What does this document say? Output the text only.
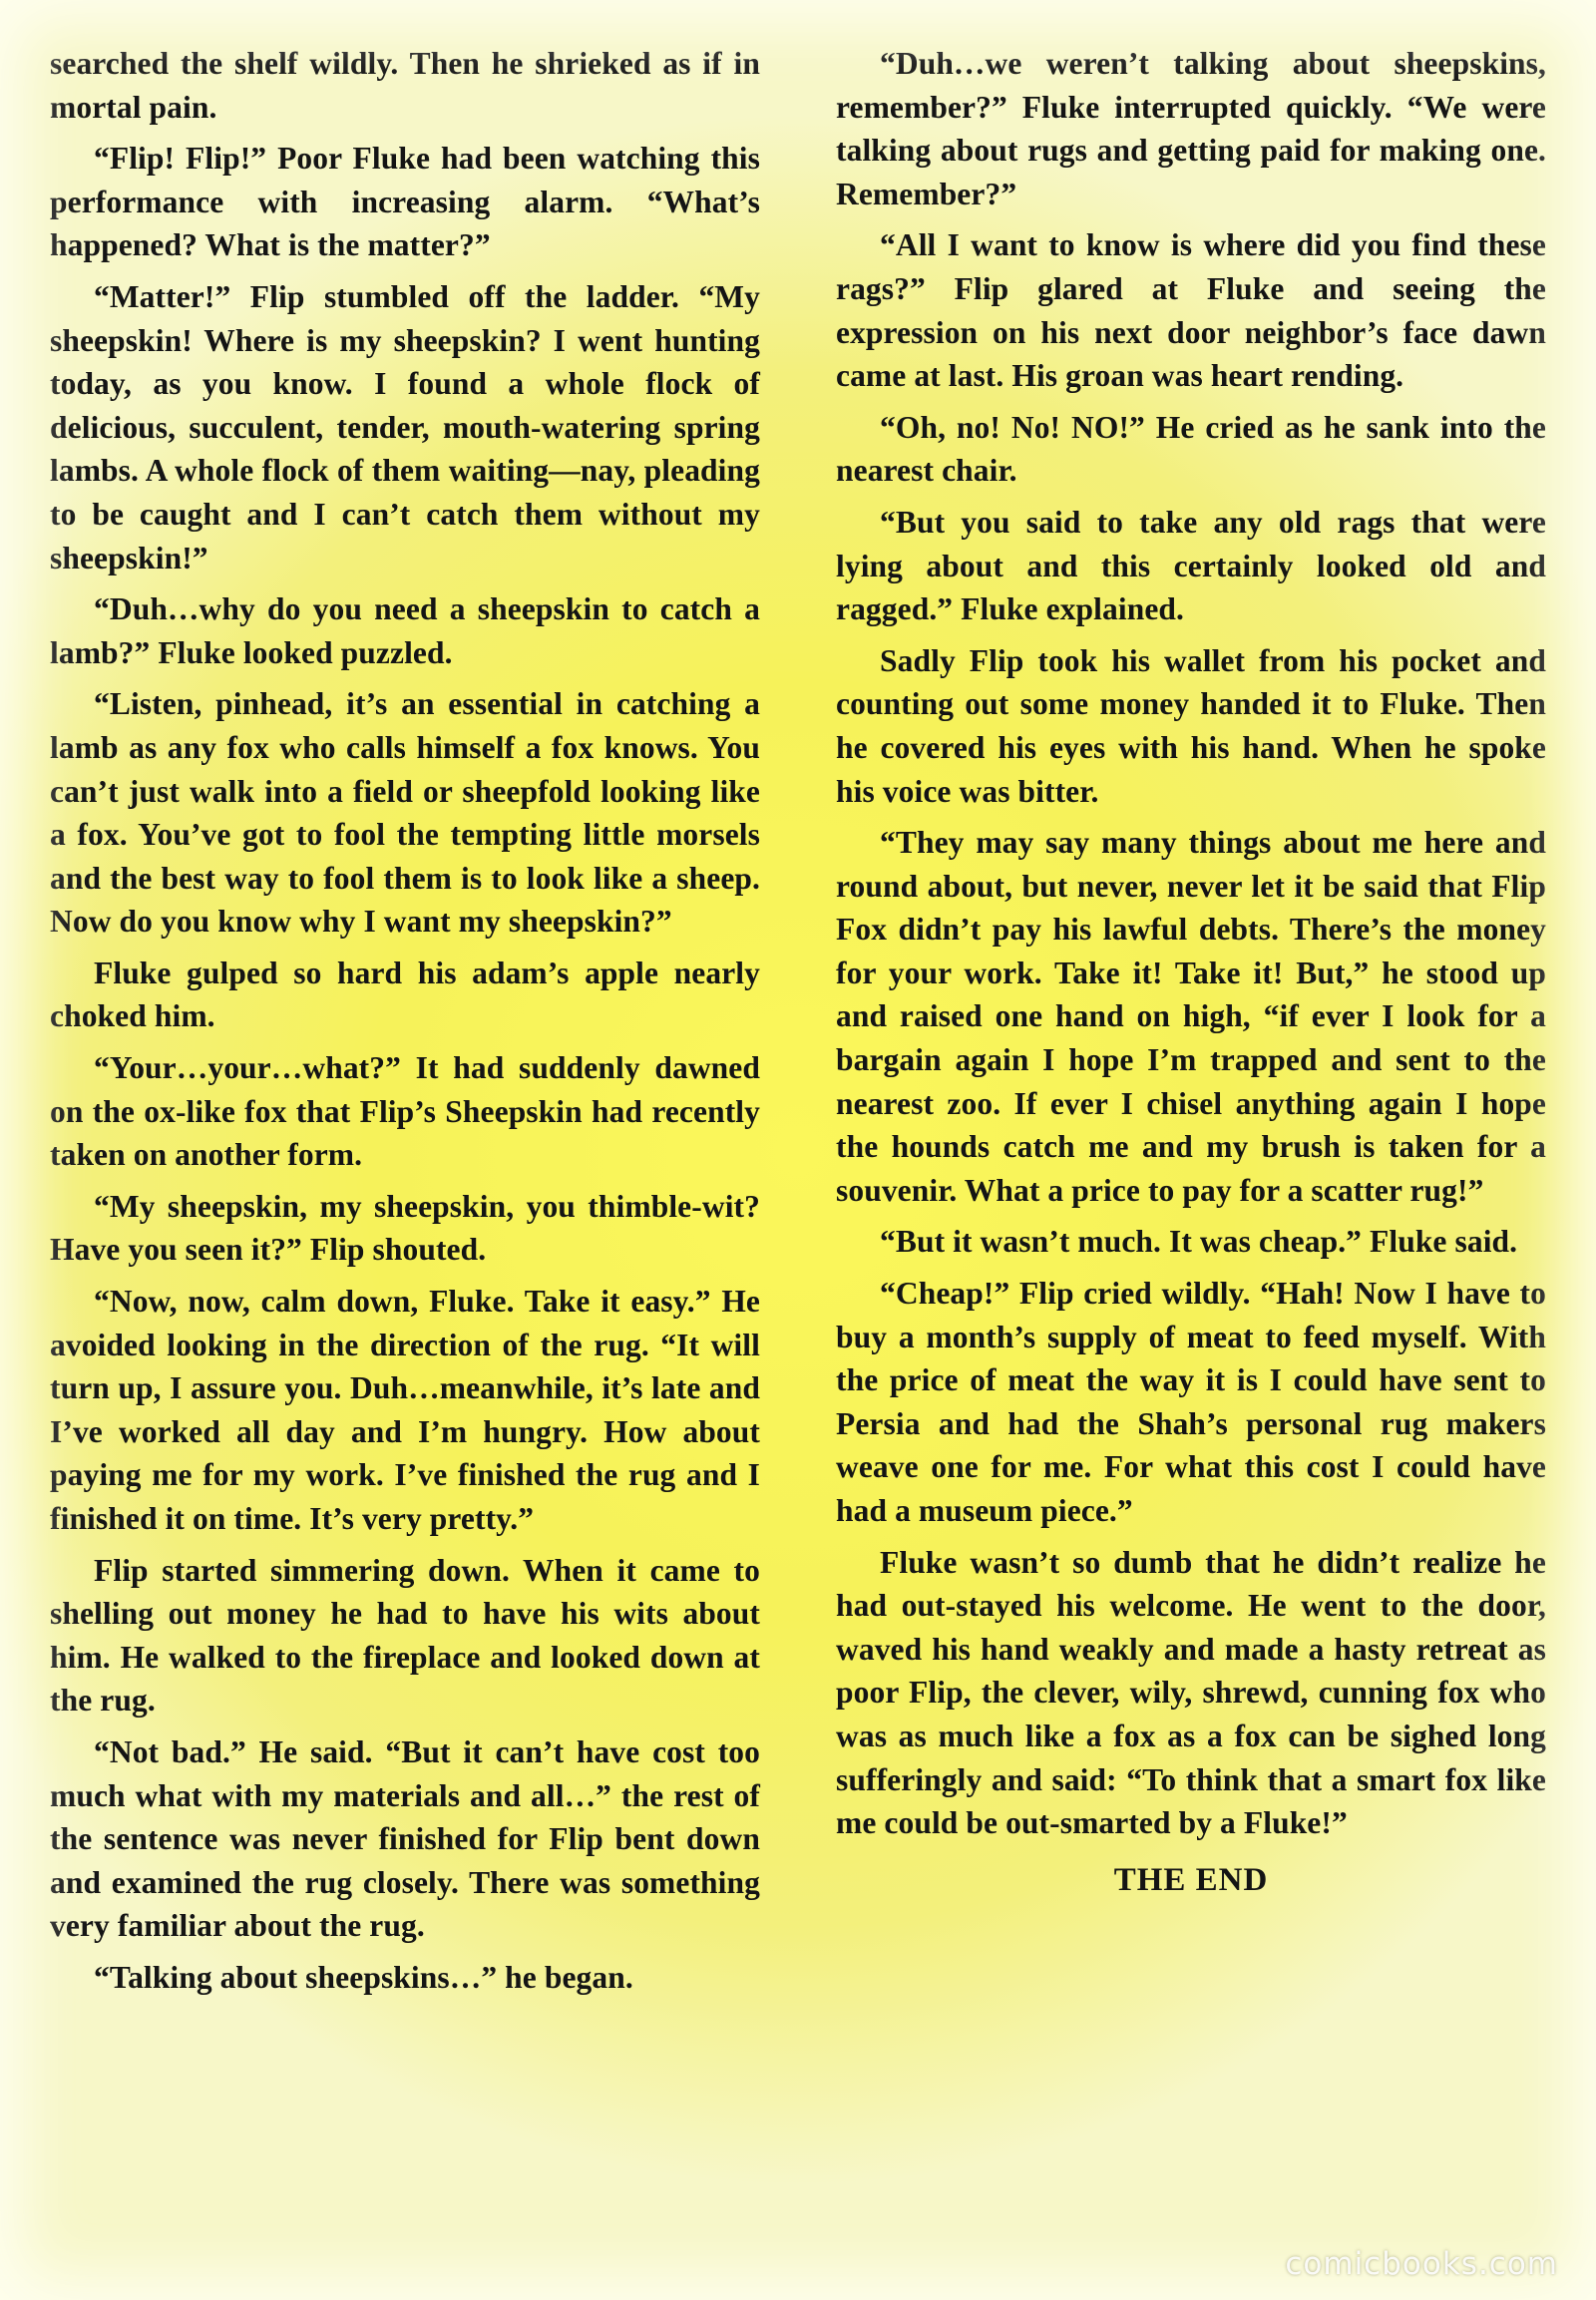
searched the shelf wildly. Then he shrieked as if in mortal pain.

“Flip! Flip!” Poor Fluke had been watching this performance with increasing alarm. “What’s happened? What is the matter?”

“Matter!” Flip stumbled off the ladder. “My sheepskin! Where is my sheepskin? I went hunting today, as you know. I found a whole flock of delicious, succulent, tender, mouth-watering spring lambs. A whole flock of them waiting—nay, pleading to be caught and I can’t catch them without my sheepskin!”

“Duh…why do you need a sheepskin to catch a lamb?” Fluke looked puzzled.

“Listen, pinhead, it’s an essential in catching a lamb as any fox who calls himself a fox knows. You can’t just walk into a field or sheepfold looking like a fox. You’ve got to fool the tempting little morsels and the best way to fool them is to look like a sheep. Now do you know why I want my sheepskin?”

Fluke gulped so hard his adam’s apple nearly choked him.

“Your…your…what?” It had suddenly dawned on the ox-like fox that Flip’s Sheepskin had recently taken on another form.

“My sheepskin, my sheepskin, you thimble-wit? Have you seen it?” Flip shouted.

“Now, now, calm down, Fluke. Take it easy.” He avoided looking in the direction of the rug. “It will turn up, I assure you. Duh…meanwhile, it’s late and I’ve worked all day and I’m hungry. How about paying me for my work. I’ve finished the rug and I finished it on time. It’s very pretty.”

Flip started simmering down. When it came to shelling out money he had to have his wits about him. He walked to the fireplace and looked down at the rug.

“Not bad.” He said. “But it can’t have cost too much what with my materials and all…” the rest of the sentence was never finished for Flip bent down and examined the rug closely. There was something very familiar about the rug.

“Talking about sheepskins…” he began.

“Duh…we weren’t talking about sheepskins, remember?” Fluke interrupted quickly. “We were talking about rugs and getting paid for making one. Remember?”

“All I want to know is where did you find these rags?” Flip glared at Fluke and seeing the expression on his next door neighbor’s face dawn came at last. His groan was heart rending.

“Oh, no! No! NO!” He cried as he sank into the nearest chair.

“But you said to take any old rags that were lying about and this certainly looked old and ragged.” Fluke explained.

Sadly Flip took his wallet from his pocket and counting out some money handed it to Fluke. Then he covered his eyes with his hand. When he spoke his voice was bitter.

“They may say many things about me here and round about, but never, never let it be said that Flip Fox didn’t pay his lawful debts. There’s the money for your work. Take it! Take it! But,” he stood up and raised one hand on high, “if ever I look for a bargain again I hope I’m trapped and sent to the nearest zoo. If ever I chisel anything again I hope the hounds catch me and my brush is taken for a souvenir. What a price to pay for a scatter rug!”

“But it wasn’t much. It was cheap.” Fluke said.

“Cheap!” Flip cried wildly. “Hah! Now I have to buy a month’s supply of meat to feed myself. With the price of meat the way it is I could have sent to Persia and had the Shah’s personal rug makers weave one for me. For what this cost I could have had a museum piece.”

Fluke wasn’t so dumb that he didn’t realize he had out-stayed his welcome. He went to the door, waved his hand weakly and made a hasty retreat as poor Flip, the clever, wily, shrewd, cunning fox who was as much like a fox as a fox can be sighed long sufferingly and said: “To think that a smart fox like me could be out-smarted by a Fluke!”

THE END

comicbooks.com
